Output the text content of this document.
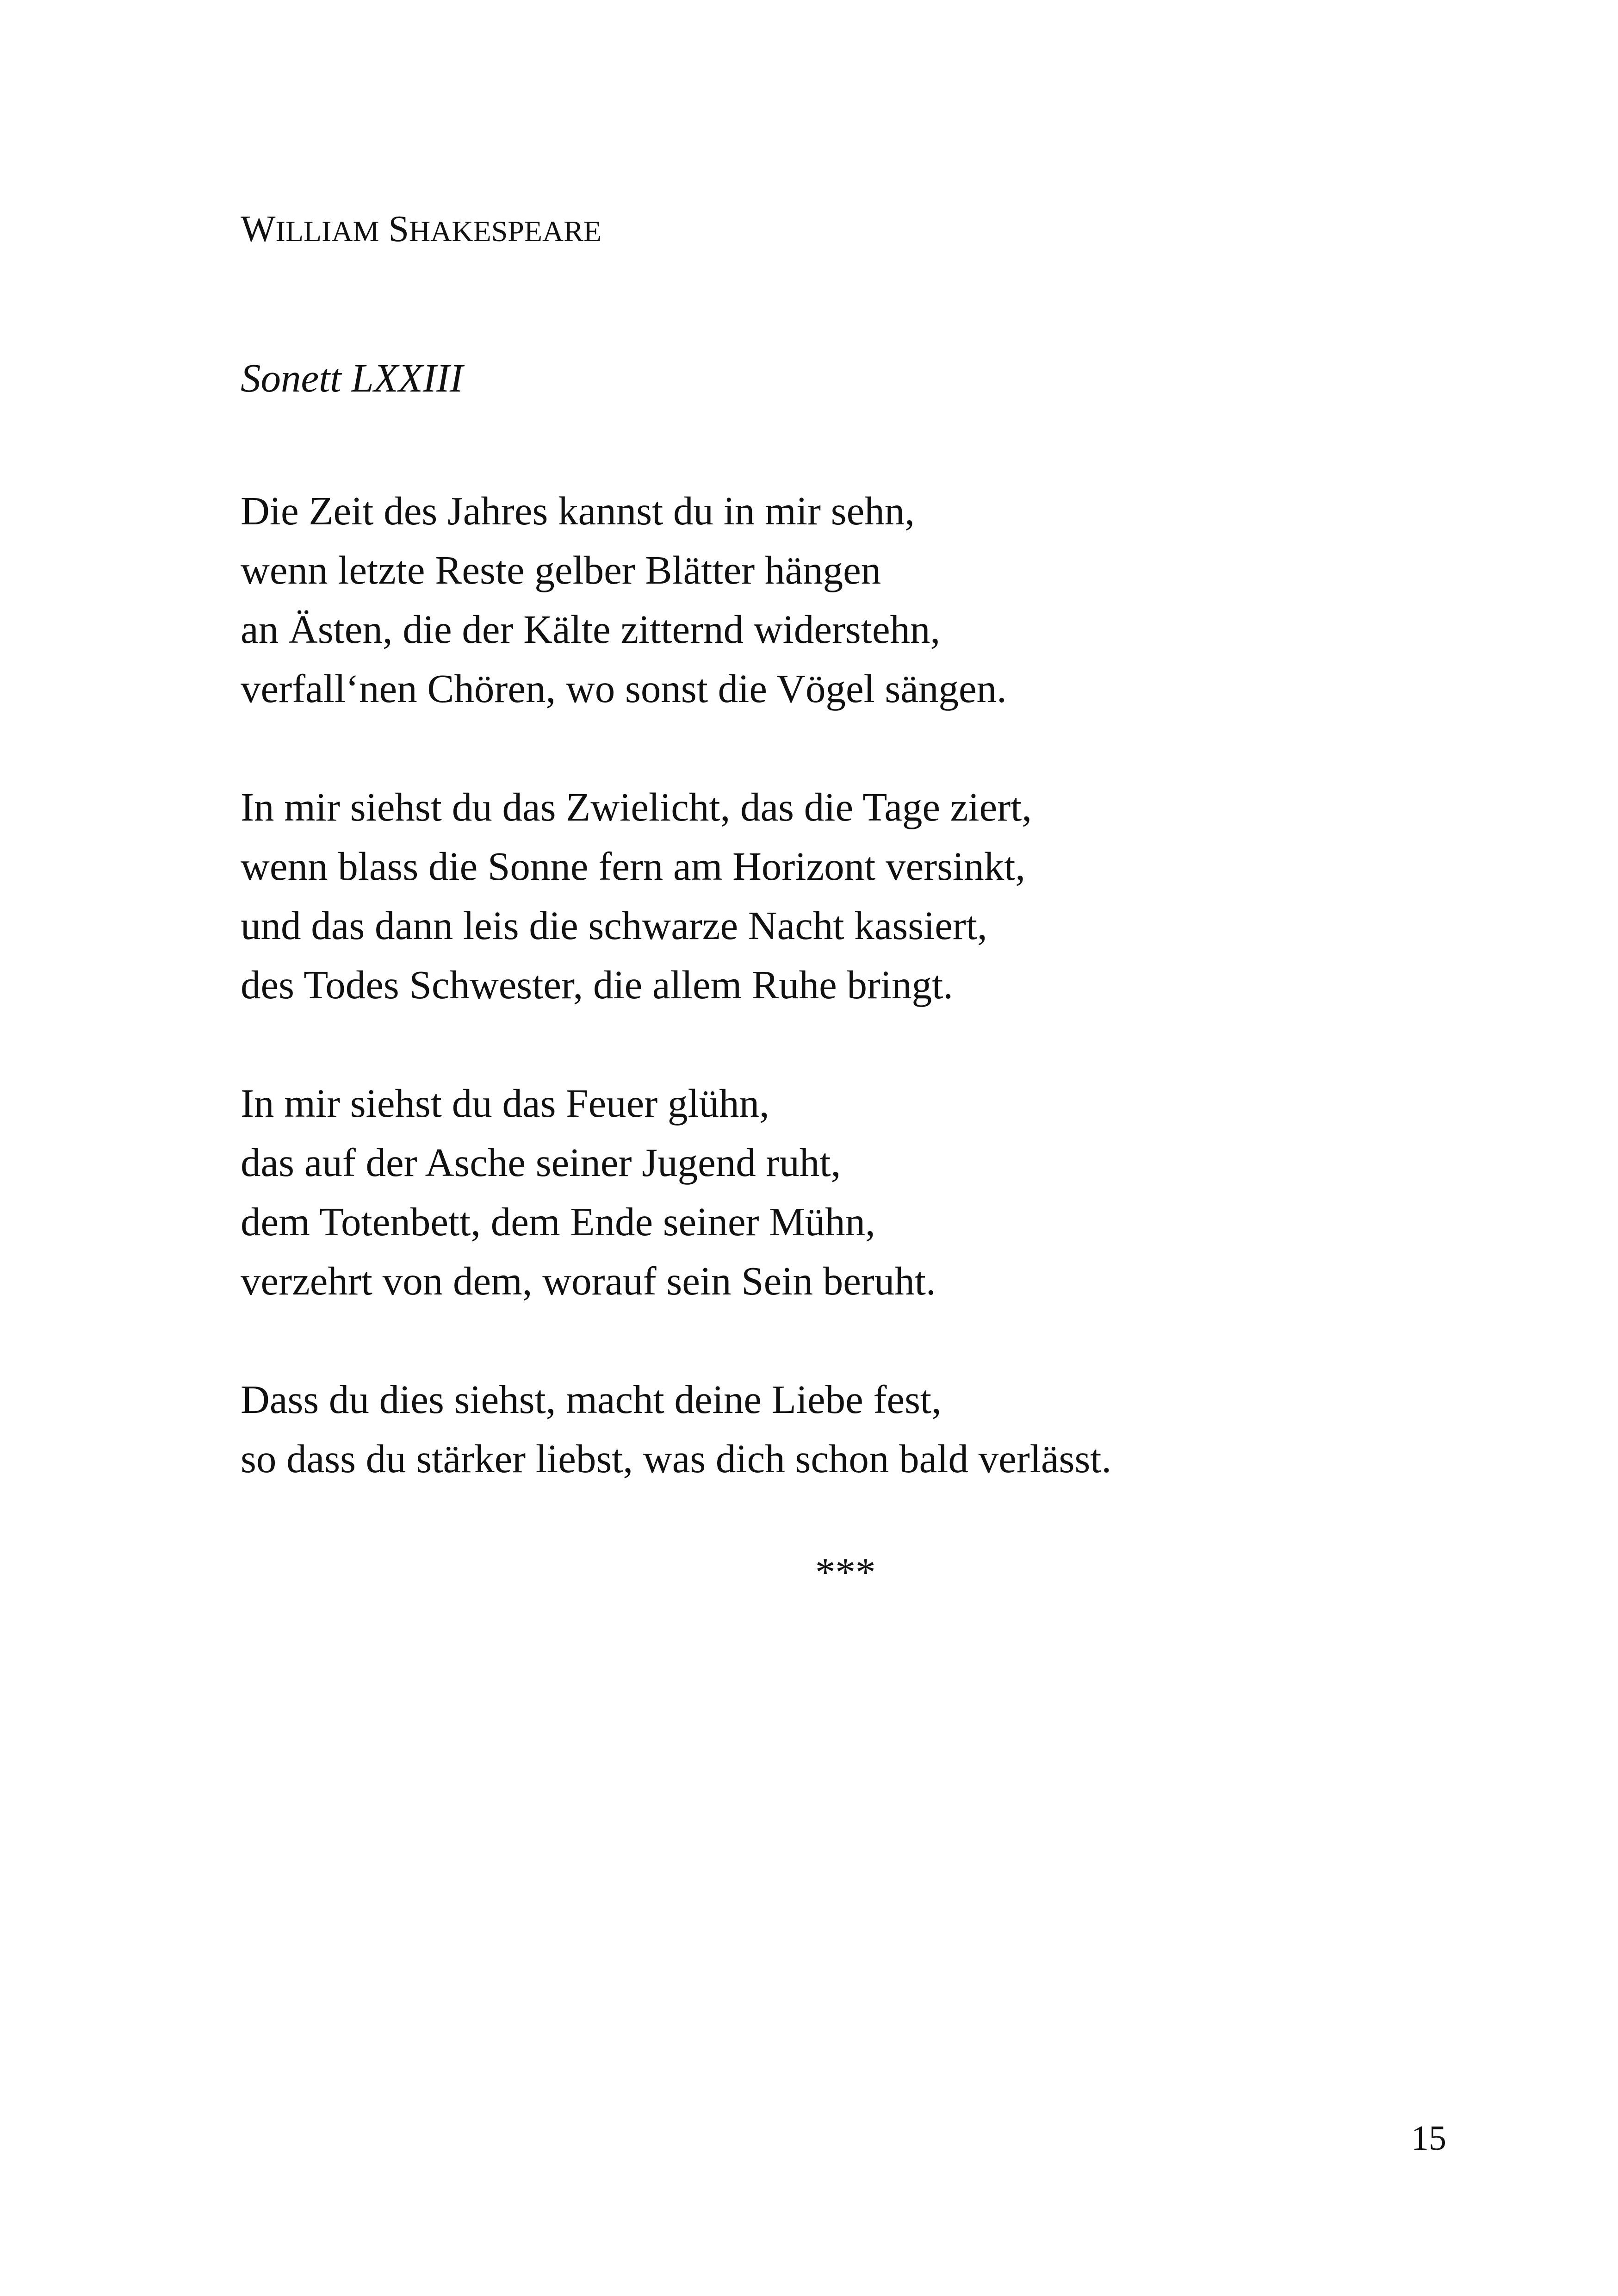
WILLIAM SHAKESPEARE
Sonett LXXIII
Die Zeit des Jahres kannst du in mir sehn,
wenn letzte Reste gelber Blätter hängen
an Ästen, die der Kälte zitternd widerstehn,
verfall‘nen Chören, wo sonst die Vögel sängen.
In mir siehst du das Zwielicht, das die Tage ziert,
wenn blass die Sonne fern am Horizont versinkt,
und das dann leis die schwarze Nacht kassiert,
des Todes Schwester, die allem Ruhe bringt.
In mir siehst du das Feuer glühn,
das auf der Asche seiner Jugend ruht,
dem Totenbett, dem Ende seiner Mühn,
verzehrt von dem, worauf sein Sein beruht.
Dass du dies siehst, macht deine Liebe fest,
so dass du stärker liebst, was dich schon bald verlässt.
***
15
